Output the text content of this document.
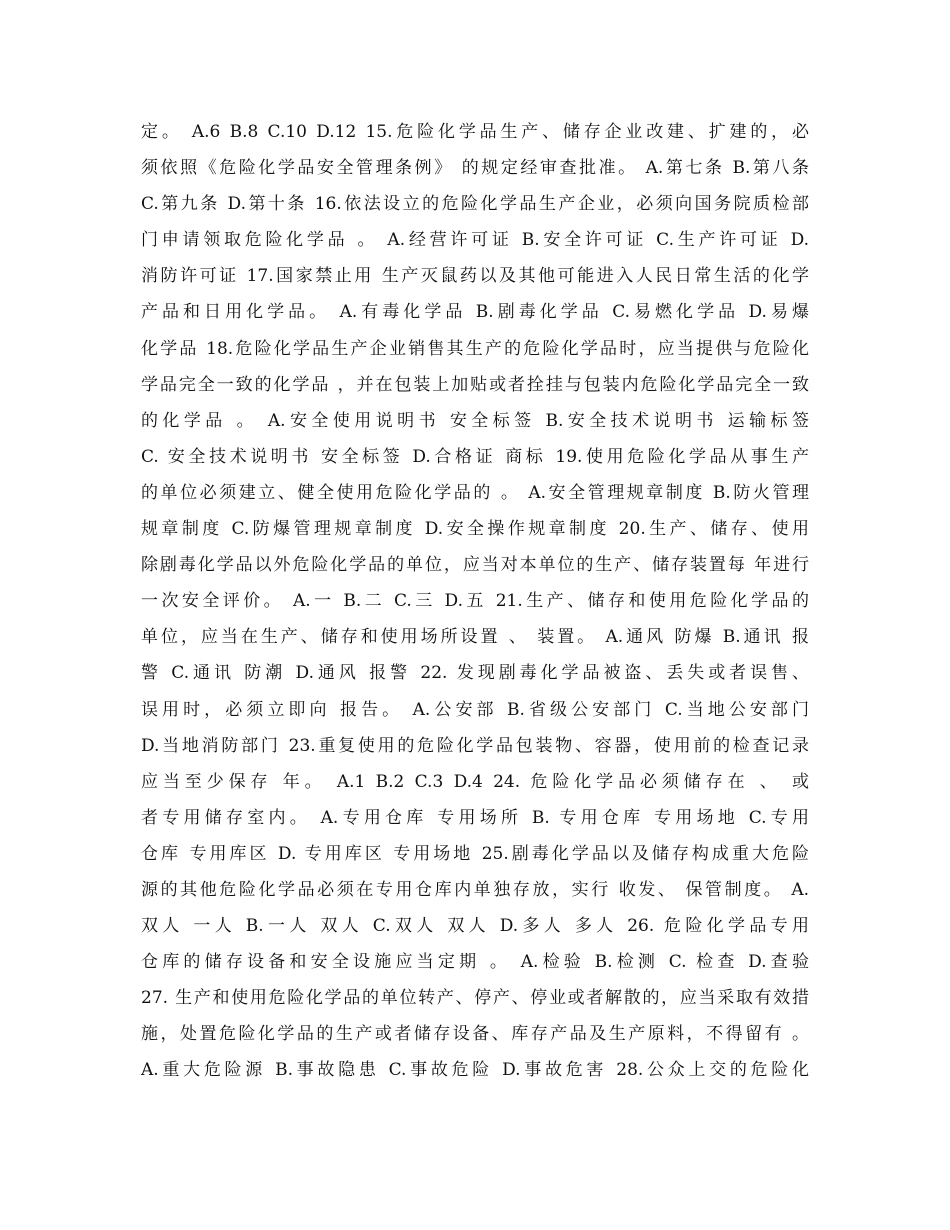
定。 A.6 B.8 C.10 D.12 15.危险化学品生产、储存企业改建、扩建的，必
须依照《危险化学品安全管理条例》 的规定经审查批准。 A.第七条 B.第八条
C.第九条 D.第十条 16.依法设立的危险化学品生产企业，必须向国务院质检部
门申请领取危险化学品 。 A.经营许可证 B.安全许可证 C.生产许可证 D.
消防许可证 17.国家禁止用 生产灭鼠药以及其他可能进入人民日常生活的化学
产品和日用化学品。 A.有毒化学品 B.剧毒化学品 C.易燃化学品 D.易爆
化学品 18.危险化学品生产企业销售其生产的危险化学品时，应当提供与危险化
学品完全一致的化学品 ，并在包装上加贴或者拴挂与包装内危险化学品完全一致
的化学品 。 A.安全使用说明书 安全标签 B.安全技术说明书 运输标签
C. 安全技术说明书 安全标签 D.合格证 商标 19.使用危险化学品从事生产
的单位必须建立、健全使用危险化学品的 。 A.安全管理规章制度 B.防火管理
规章制度 C.防爆管理规章制度 D.安全操作规章制度 20.生产、储存、使用
除剧毒化学品以外危险化学品的单位，应当对本单位的生产、储存装置每 年进行
一次安全评价。 A.一 B.二 C.三 D.五 21.生产、储存和使用危险化学品的
单位，应当在生产、储存和使用场所设置 、 装置。 A.通风 防爆 B.通讯 报
警 C.通讯 防潮 D.通风 报警 22. 发现剧毒化学品被盗、丢失或者误售、
误用时，必须立即向 报告。 A.公安部 B.省级公安部门 C.当地公安部门
D.当地消防部门 23.重复使用的危险化学品包装物、容器，使用前的检查记录
应当至少保存 年。 A.1 B.2 C.3 D.4 24. 危险化学品必须储存在 、 或
者专用储存室内。 A.专用仓库 专用场所 B. 专用仓库 专用场地 C.专用
仓库 专用库区 D. 专用库区 专用场地 25.剧毒化学品以及储存构成重大危险
源的其他危险化学品必须在专用仓库内单独存放，实行 收发、 保管制度。 A.
双人 一人 B.一人 双人 C.双人 双人 D.多人 多人 26. 危险化学品专用
仓库的储存设备和安全设施应当定期 。 A.检验 B.检测 C. 检查 D.查验
27. 生产和使用危险化学品的单位转产、停产、停业或者解散的，应当采取有效措
施，处置危险化学品的生产或者储存设备、库存产品及生产原料，不得留有 。
A.重大危险源 B.事故隐患 C.事故危险 D.事故危害 28.公众上交的危险化
